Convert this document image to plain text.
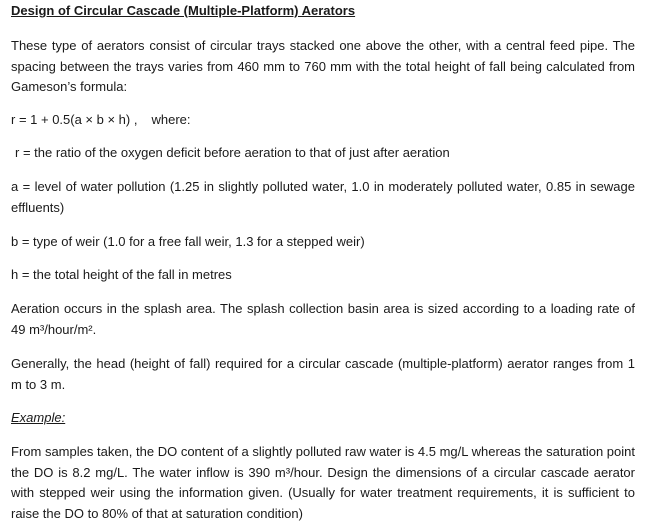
Design of Circular Cascade (Multiple-Platform) Aerators

These type of aerators consist of circular trays stacked one above the other, with a central feed pipe. The spacing between the trays varies from 460 mm to 760 mm with the total height of fall being calculated from Gameson’s formula:

r = 1 + 0.5(a × b × h) , where:

r = the ratio of the oxygen deficit before aeration to that of just after aeration

a = level of water pollution (1.25 in slightly polluted water, 1.0 in moderately polluted water, 0.85 in sewage effluents)

b = type of weir (1.0 for a free fall weir, 1.3 for a stepped weir)

h = the total height of the fall in metres

Aeration occurs in the splash area. The splash collection basin area is sized according to a loading rate of 49 m³/hour/m².

Generally, the head (height of fall) required for a circular cascade (multiple-platform) aerator ranges from 1 m to 3 m.

Example:

From samples taken, the DO content of a slightly polluted raw water is 4.5 mg/L whereas the saturation point the DO is 8.2 mg/L. The water inflow is 390 m³/hour. Design the dimensions of a circular cascade aerator with stepped weir using the information given. (Usually for water treatment requirements, it is sufficient to raise the DO to 80% of that at saturation condition)
